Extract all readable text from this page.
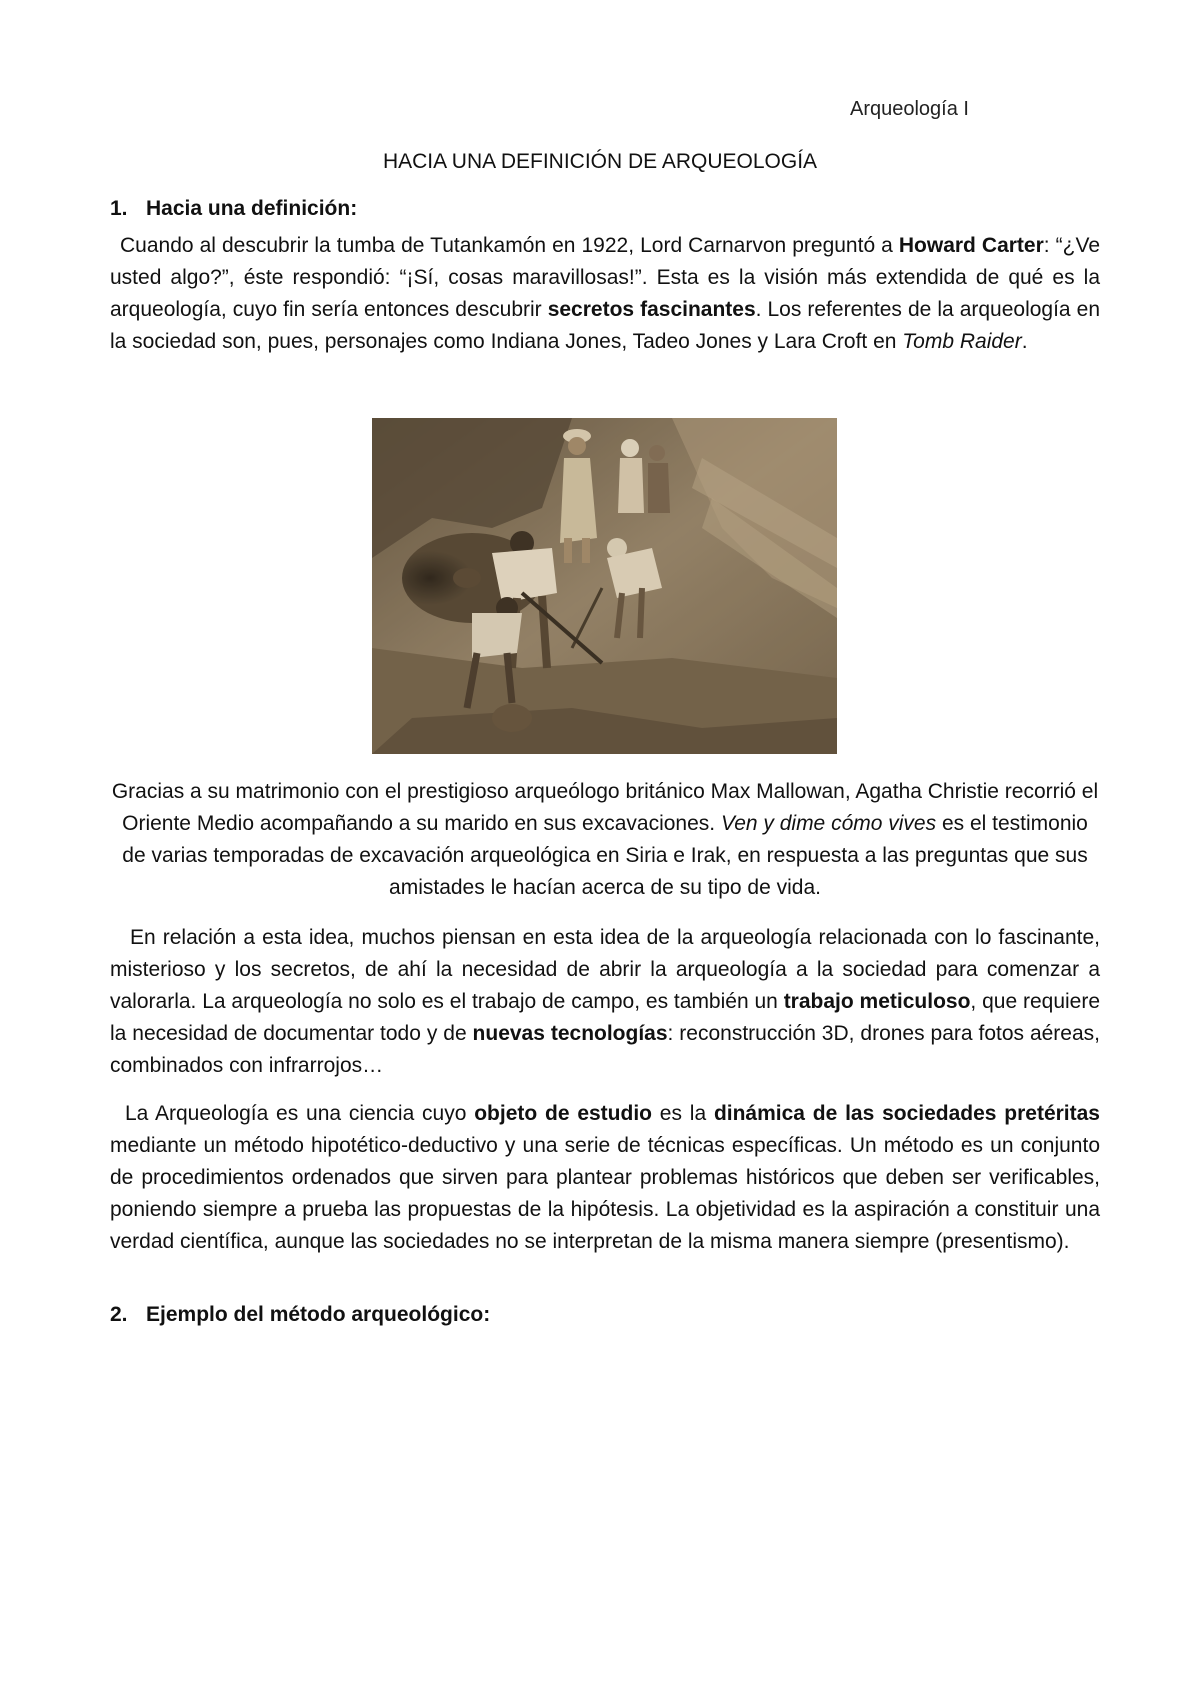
Arqueología I
HACIA UNA DEFINICIÓN DE ARQUEOLOGÍA
1. Hacia una definición:

Cuando al descubrir la tumba de Tutankamón en 1922, Lord Carnarvon preguntó a Howard Carter: “¿Ve usted algo?”, éste respondió: “¡Sí, cosas maravillosas!”. Esta es la visión más extendida de qué es la arqueología, cuyo fin sería entonces descubrir secretos fascinantes. Los referentes de la arqueología en la sociedad son, pues, personajes como Indiana Jones, Tadeo Jones y Lara Croft en Tomb Raider.

Gracias a su matrimonio con el prestigioso arqueólogo británico Max Mallowan, Agatha Christie recorrió el Oriente Medio acompañando a su marido en sus excavaciones. Ven y dime cómo vives es el testimonio de varias temporadas de excavación arqueológica en Siria e Irak, en respuesta a las preguntas que sus amistades le hacían acerca de su tipo de vida.

En relación a esta idea, muchos piensan en esta idea de la arqueología relacionada con lo fascinante, misterioso y los secretos, de ahí la necesidad de abrir la arqueología a la sociedad para comenzar a valorarla. La arqueología no solo es el trabajo de campo, es también un trabajo meticuloso, que requiere la necesidad de documentar todo y de nuevas tecnologías: reconstrucción 3D, drones para fotos aéreas, combinados con infrarrojos…

La Arqueología es una ciencia cuyo objeto de estudio es la dinámica de las sociedades pretéritas mediante un método hipotético-deductivo y una serie de técnicas específicas. Un método es un conjunto de procedimientos ordenados que sirven para plantear problemas históricos que deben ser verificables, poniendo siempre a prueba las propuestas de la hipótesis. La objetividad es la aspiración a constituir una verdad científica, aunque las sociedades no se interpretan de la misma manera siempre (presentismo).

2. Ejemplo del método arqueológico:
